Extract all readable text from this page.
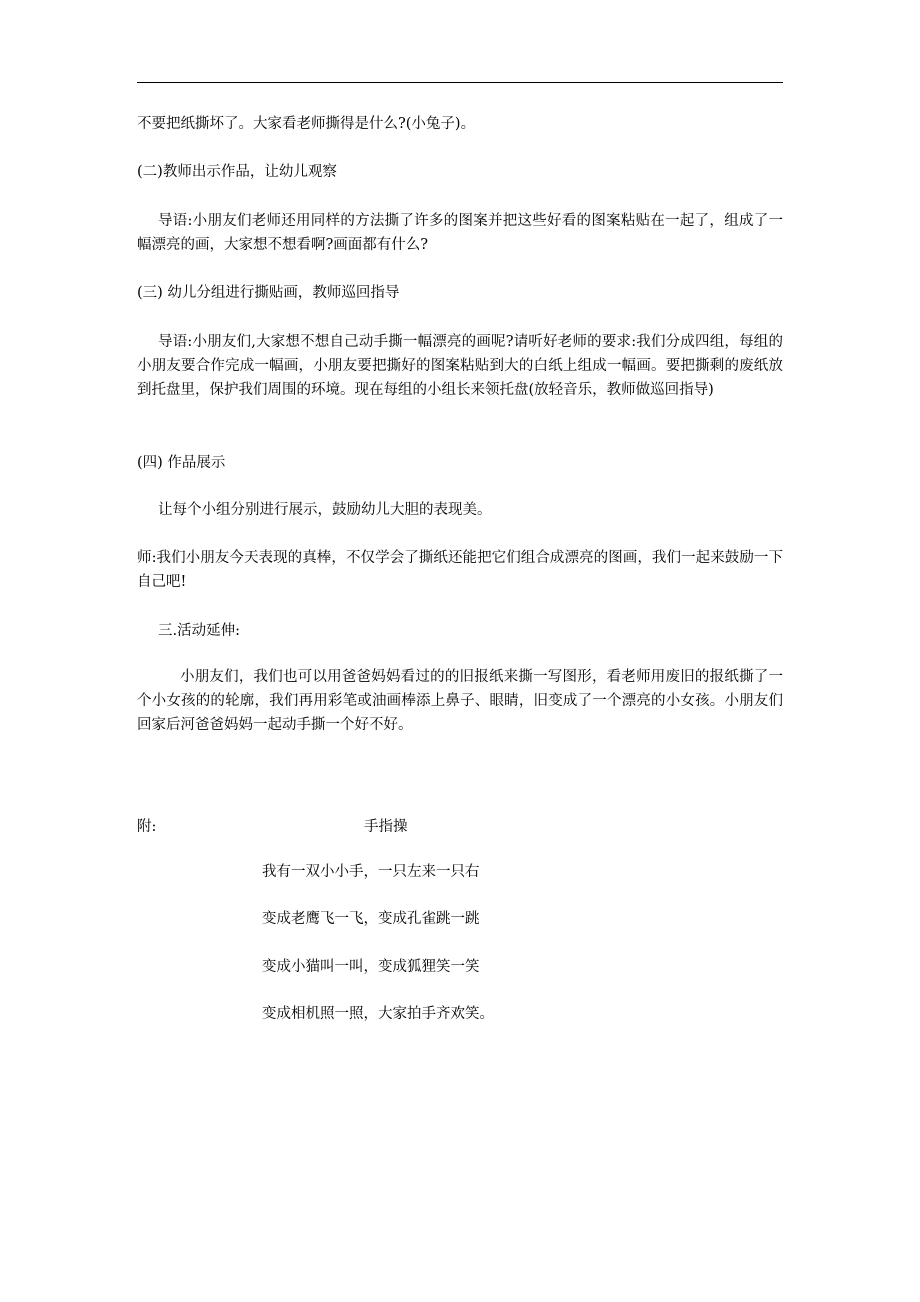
不要把纸撕坏了。大家看老师撕得是什么?(小兔子)。
(二)教师出示作品，让幼儿观察
导语:小朋友们老师还用同样的方法撕了许多的图案并把这些好看的图案粘贴在一起了，组成了一幅漂亮的画，大家想不想看啊?画面都有什么?
(三) 幼儿分组进行撕贴画，教师巡回指导
导语:小朋友们,大家想不想自己动手撕一幅漂亮的画呢?请听好老师的要求:我们分成四组，每组的小朋友要合作完成一幅画，小朋友要把撕好的图案粘贴到大的白纸上组成一幅画。要把撕剩的废纸放到托盘里，保护我们周围的环境。现在每组的小组长来领托盘(放轻音乐，教师做巡回指导)
(四) 作品展示
让每个小组分别进行展示，鼓励幼儿大胆的表现美。
师:我们小朋友今天表现的真棒，不仅学会了撕纸还能把它们组合成漂亮的图画，我们一起来鼓励一下自己吧!
三.活动延伸:
小朋友们，我们也可以用爸爸妈妈看过的的旧报纸来撕一写图形，看老师用废旧的报纸撕了一个小女孩的的轮廓，我们再用彩笔或油画棒添上鼻子、眼睛，旧变成了一个漂亮的小女孩。小朋友们回家后河爸爸妈妈一起动手撕一个好不好。
附:	手指操
我有一双小小手，一只左来一只右
变成老鹰飞一飞，变成孔雀跳一跳
变成小猫叫一叫，变成狐狸笑一笑
变成相机照一照，大家拍手齐欢笑。
